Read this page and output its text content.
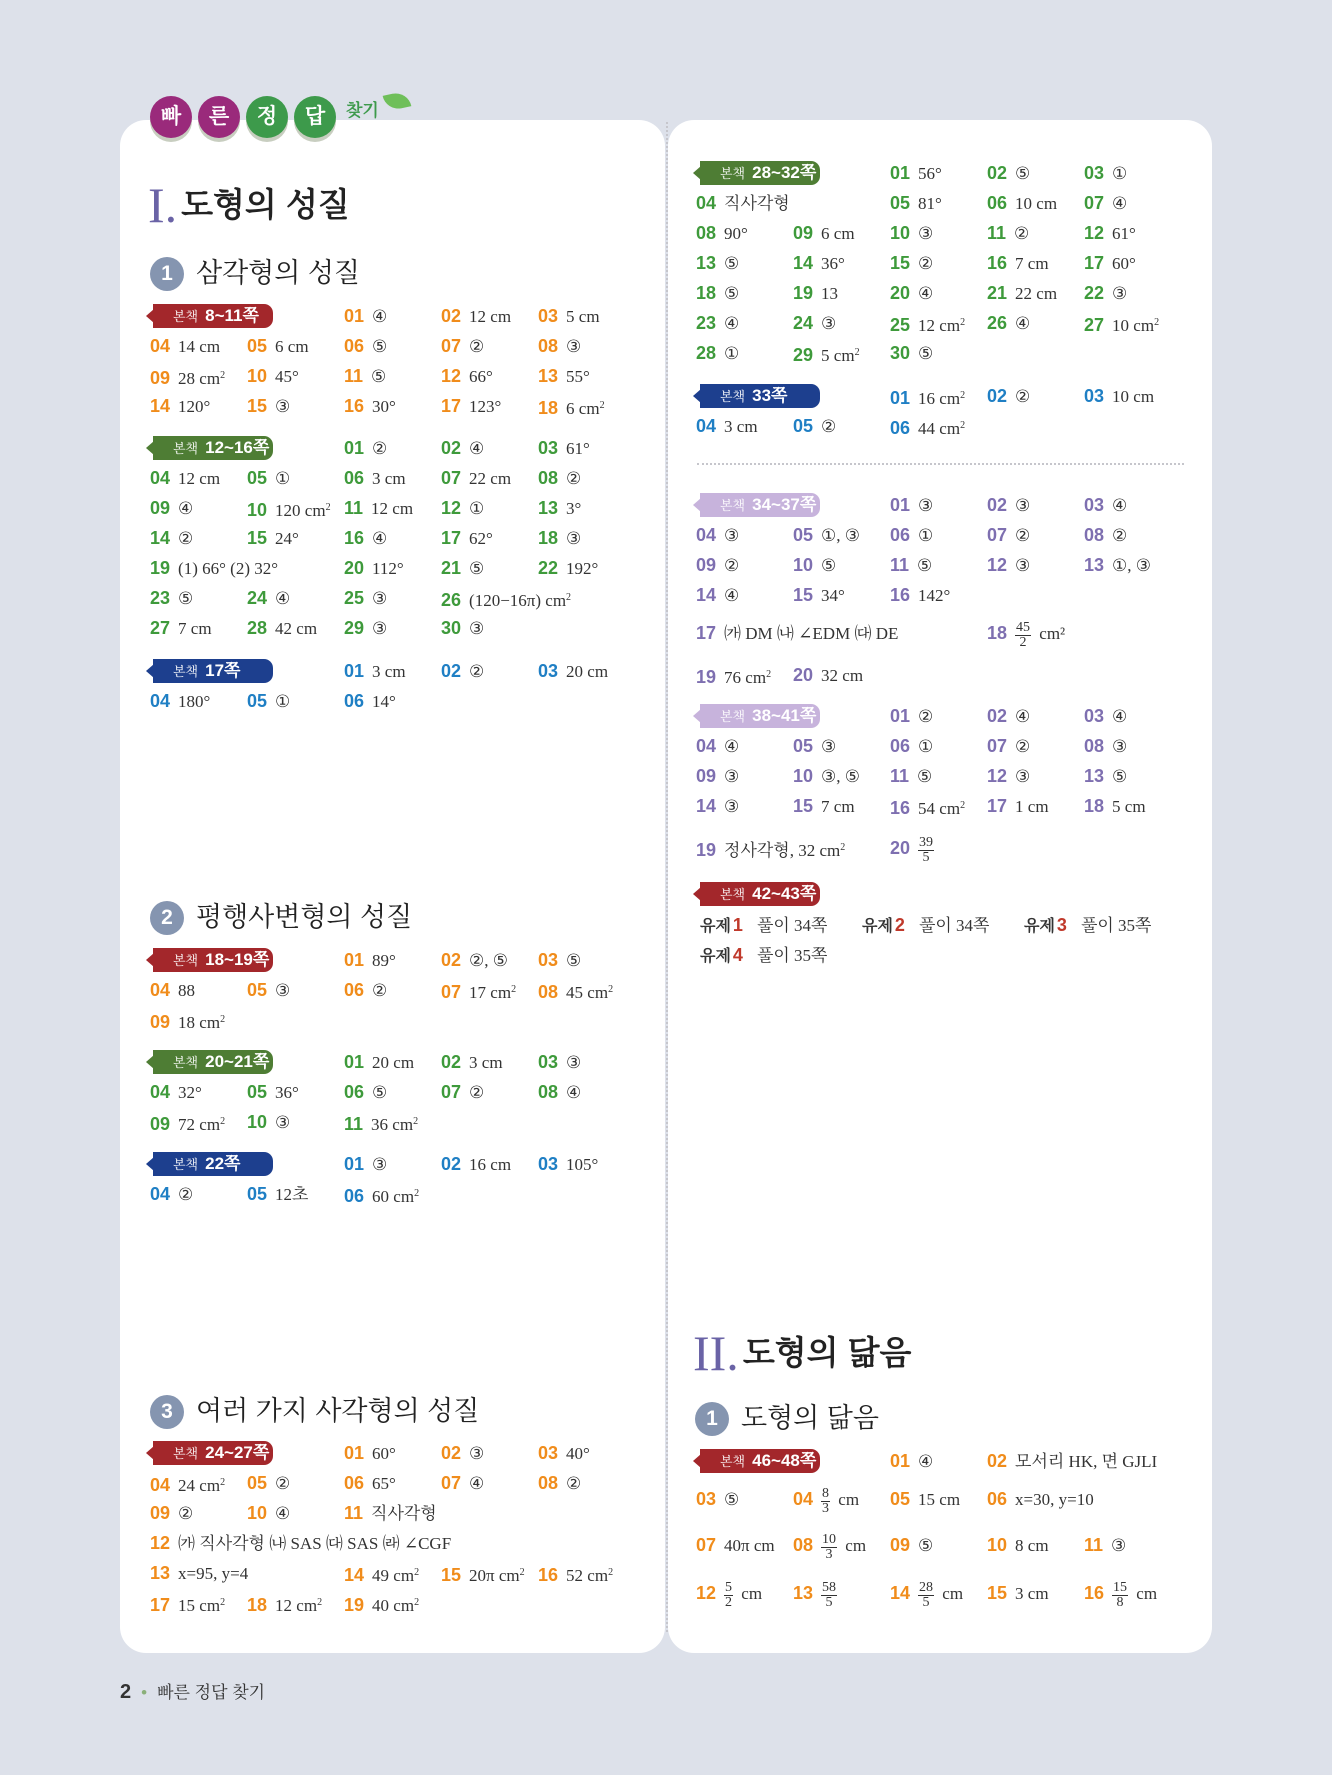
빠	른	정	답	찾기
I. 도형의 성질
1 삼각형의 성질
2 평행사변형의 성질
3 여러 가지 사각형의 성질
II. 도형의 닮음
1 도형의 닮음
본책 8~11쪽
본책 12~16쪽
본책 17쪽
본책 18~19쪽
본책 20~21쪽
본책 22쪽
본책 24~27쪽
본책 28~32쪽
본책 33쪽
본책 34~37쪽
본책 38~41쪽
본책 42~43쪽
본책 46~48쪽
01 ④	02 12 cm 03 5 cm
04 14 cm 05 6 cm 06 ⑤	07 ②	08 ③
09 28 $cm^2$ 10 45°	11 ⑤	12 66°	13 55°
14 120° 15 ③	16 30°	17 123° 18 6 $cm^2$
01 ②	02 ④	03 61°
04 12 cm 05 ①	06 3 cm 07 22 cm 08 ②
09 ④	10 120 $cm^2$ 11 12 cm 12 ①	13 3°
14 ②	15 24°	16 ④	17 62°	18 ③
19 (1) 66° (2) 32°	20 112° 21 ⑤	22 192°
23 ⑤	24 ④	25 ③	26 (120−16π) $cm^2$
27 7 cm 28 42 cm 29 ③	30 ③
01 3 cm 02 ②	03 20 cm
04 180° 05 ①	06 14°
01 89°	02 ②, ⑤ 03 ⑤
04 88	05 ③	06 ②	07 17 $cm^2$ 08 45 $cm^2$
09 18 $cm^2$
01 20 cm 02 3 cm 03 ③
04 32°	05 36°	06 ⑤	07 ②	08 ④
09 72 $cm^2$ 10 ③	11 36 $cm^2$
01 ③	02 16 cm 03 105°
04 ②	05 12초 06 60 $cm^2$
01 60°	02 ③	03 40°
04 24 $cm^2$ 05 ②	06 65°	07 ④	08 ②
09 ②	10 ④	11 직사각형
12 ㈎ 직사각형 ㈏ SAS ㈐ SAS ㈑ ∠CGF
13 x=95, y=4	14 49 $cm^2$ 15 20π $cm^2$ 16 52 $cm^2$
17 15 $cm^2$ 18 12 $cm^2$ 19 40 $cm^2$
01 56°	02 ⑤	03 ①
04 직사각형	05 81°	06 10 cm 07 ④
08 90°	09 6 cm 10 ③	11 ②	12 61°
13 ⑤	14 36°	15 ②	16 7 cm 17 60°
18 ⑤	19 13	20 ④	21 22 cm 22 ③
23 ④	24 ③	25 12 $cm^2$ 26 ④	27 10 $cm^2$
28 ①	29 5 $cm^2$ 30 ⑤
01 16 $cm^2$ 02 ②	03 10 cm
04 3 cm 05 ②	06 44 $cm^2$
01 ③	02 ③	03 ④
04 ③	05 ①, ③ 06 ①	07 ②	08 ②
09 ②	10 ⑤	11 ⑤	12 ③	13 ①, ③
14 ④	15 34°	16 142°
17 ㈎ DM ㈏ ∠EDM ㈐ DE	$18 \frac{45}{2} cm^2$
19 76 $cm^2$ 20 32 cm
01 ②	02 ④	03 ④
04 ④	05 ③	06 ①	07 ②	08 ③
09 ③	10 ③, ⑤ 11 ⑤	12 ③	13 ⑤
14 ③	15 7 cm 16 54 $cm^2$ 17 1 cm 18 5 cm
19 정사각형, 32 $cm^2$ $20 \frac{39}{5}$
01 ④	02 모서리 HK, 면 GJLI
03 ⑤	$04 \frac{8}{3}$ cm 05 15 cm 06 x=30, y=10
07 40π cm $08 \frac{10}{3}$ cm 09 ⑤	10 8 cm 11 ③
$12 \frac{5}{2}$ cm $13 \frac{58}{5}$	$14 \frac{28}{5}$ cm 15 3 cm $16 \frac{15}{8}$ cm
유제 1 풀이 34쪽 유제 2 풀이 34쪽 유제 3 풀이 35쪽
유제 4 풀이 35쪽
2 • 빠른 정답 찾기
